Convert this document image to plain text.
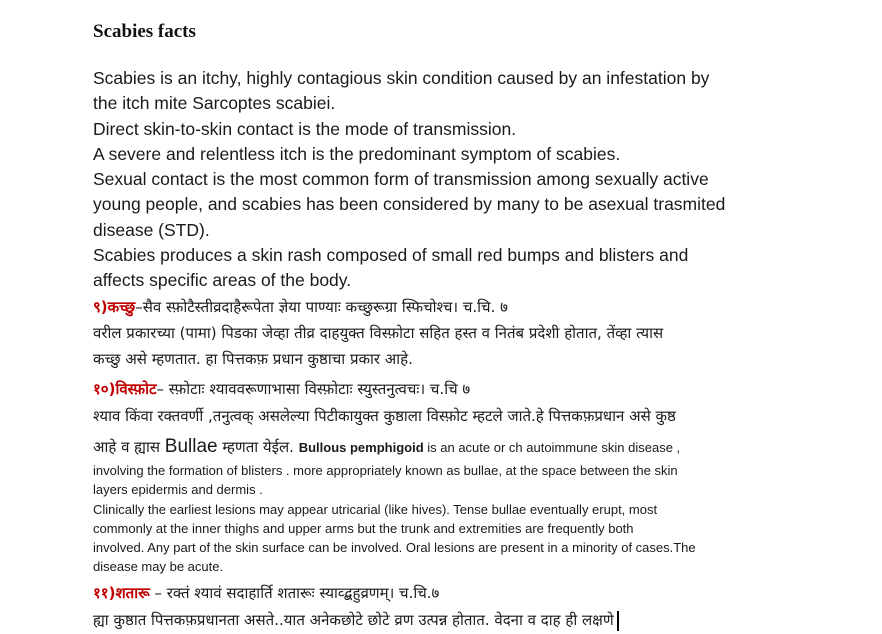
Scabies facts
Scabies is an itchy, highly contagious skin condition caused by an infestation by
the itch mite Sarcoptes scabiei.
Direct skin-to-skin contact is the mode of transmission.
A severe and relentless itch is the predominant symptom of scabies.
Sexual contact is the most common form of transmission among sexually active
young people, and scabies has been considered by many to be asexual trasmited
disease (STD).
Scabies produces a skin rash composed of small red bumps and blisters and
affects specific areas of the body.
९)कच्छु–सैव स्फ़ोटैस्तीव्रदाहैरूपेता ज्ञेया पाण्याः कच्छुरूग्रा स्फिचोश्च। च.चि. ७
वरील प्रकारच्या (पामा) पिडका जेव्हा तीव्र दाहयुक्त विस्फ़ोटा सहित हस्त व नितंब प्रदेशी होतात, तेंव्हा त्यास
कच्छु असे म्हणतात. हा पित्तकफ़ प्रधान कुष्ठाचा प्रकार आहे.
१०)विस्फ़ोट– स्फ़ोटाः श्याववरूणाभासा विस्फ़ोटाः स्युस्तनुत्वचः। च.चि ७
श्याव किंवा रक्तवर्णी ,तनुत्वक् असलेल्या पिटीकायुक्त कुष्ठाला विस्फ़ोट म्हटले जाते.हे पित्तकफ़प्रधान असे कुष्ठ
आहे व ह्यास Bullae म्हणता येईल. Bullous pemphigoid is an acute or ch autoimmune skin disease ,
involving the formation of blisters . more appropriately known as bullae, at the space between the skin
layers epidermis and dermis .
Clinically the earliest lesions may appear utricarial (like hives). Tense bullae eventually erupt, most
commonly at the inner thighs and upper arms but the trunk and extremities are frequently both
involved. Any part of the skin surface can be involved. Oral lesions are present in a minority of cases.The
disease may be acute.
११)शतारू – रक्तं श्यावं सदाहार्ति शतारूः स्याव्द्बहुव्रणम्। च.चि.७
ह्या कुष्ठात पित्तकफ़प्रधानता असते..यात अनेकछोटे छोटे व्रण उत्पन्न होतात. वेदना व दाह ही लक्षणे
